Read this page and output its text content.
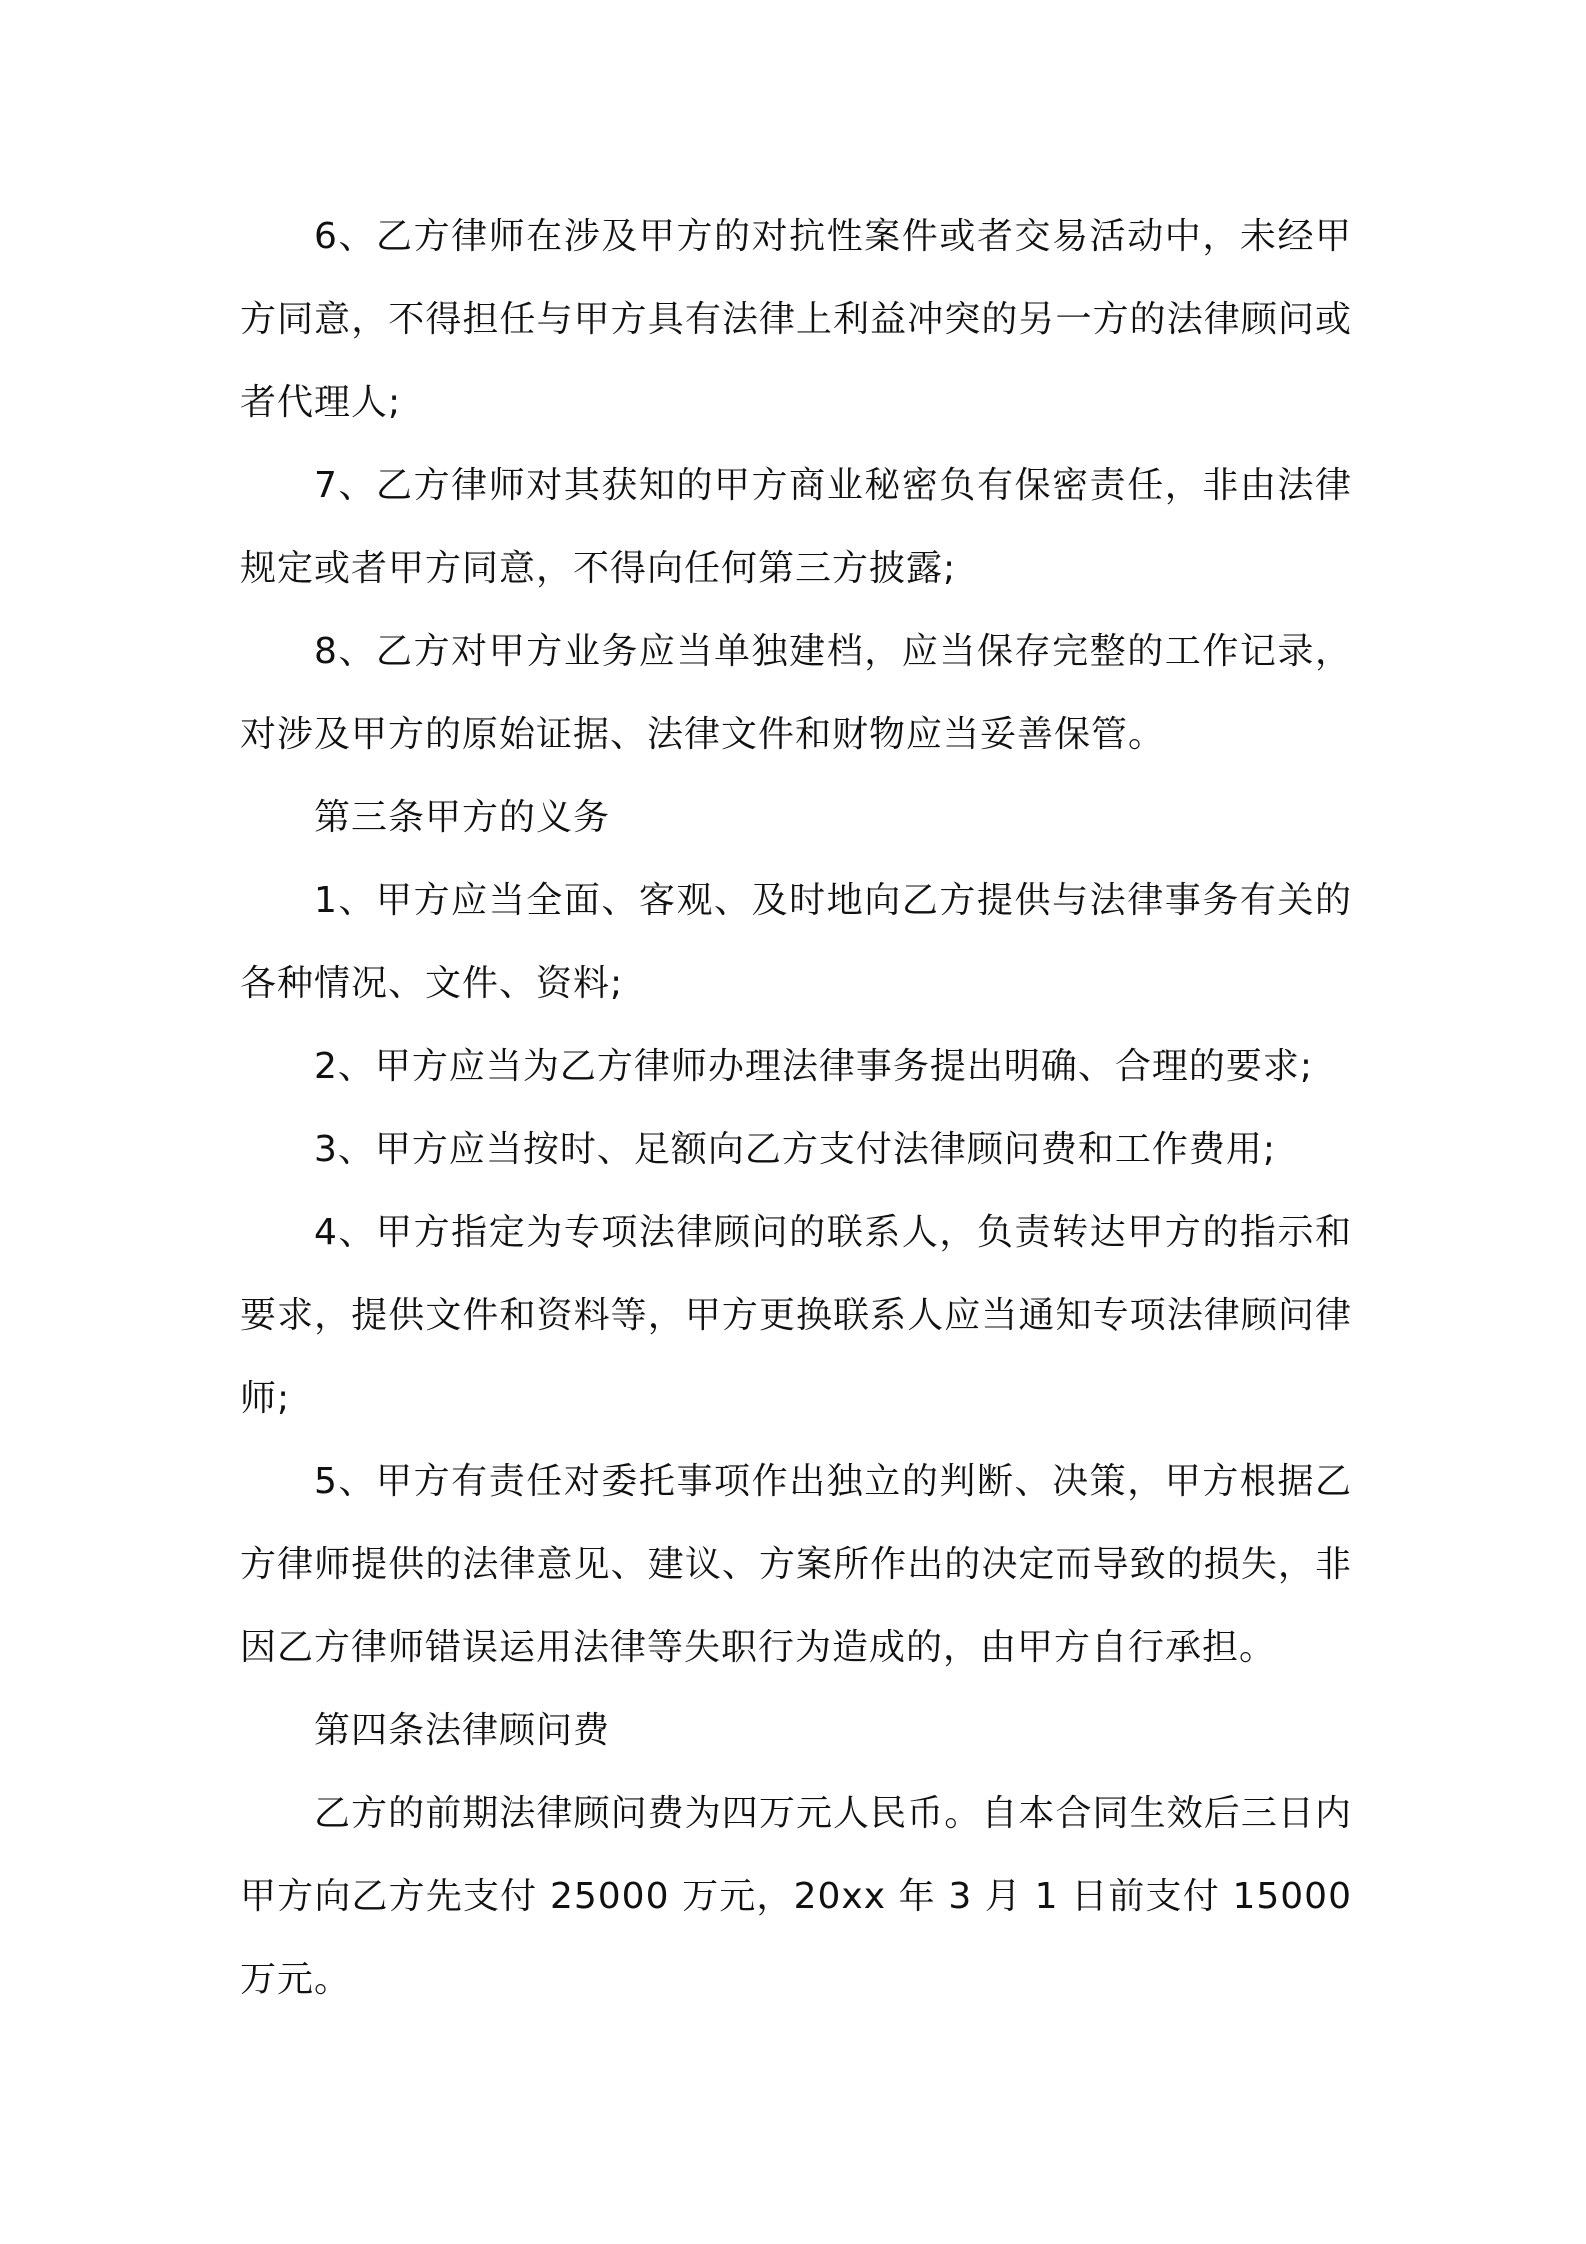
6、乙方律师在涉及甲方的对抗性案件或者交易活动中，未经甲方同意，不得担任与甲方具有法律上利益冲突的另一方的法律顾问或者代理人;

7、乙方律师对其获知的甲方商业秘密负有保密责任，非由法律规定或者甲方同意，不得向任何第三方披露;

8、乙方对甲方业务应当单独建档，应当保存完整的工作记录，对涉及甲方的原始证据、法律文件和财物应当妥善保管。

第三条甲方的义务

1、甲方应当全面、客观、及时地向乙方提供与法律事务有关的各种情况、文件、资料;

2、甲方应当为乙方律师办理法律事务提出明确、合理的要求;

3、甲方应当按时、足额向乙方支付法律顾问费和工作费用;

4、甲方指定为专项法律顾问的联系人，负责转达甲方的指示和要求，提供文件和资料等，甲方更换联系人应当通知专项法律顾问律师;

5、甲方有责任对委托事项作出独立的判断、决策，甲方根据乙方律师提供的法律意见、建议、方案所作出的决定而导致的损失，非因乙方律师错误运用法律等失职行为造成的，由甲方自行承担。

第四条法律顾问费

乙方的前期法律顾问费为四万元人民币。自本合同生效后三日内甲方向乙方先支付 25000 万元，20xx 年 3 月 1 日前支付 15000 万元。
